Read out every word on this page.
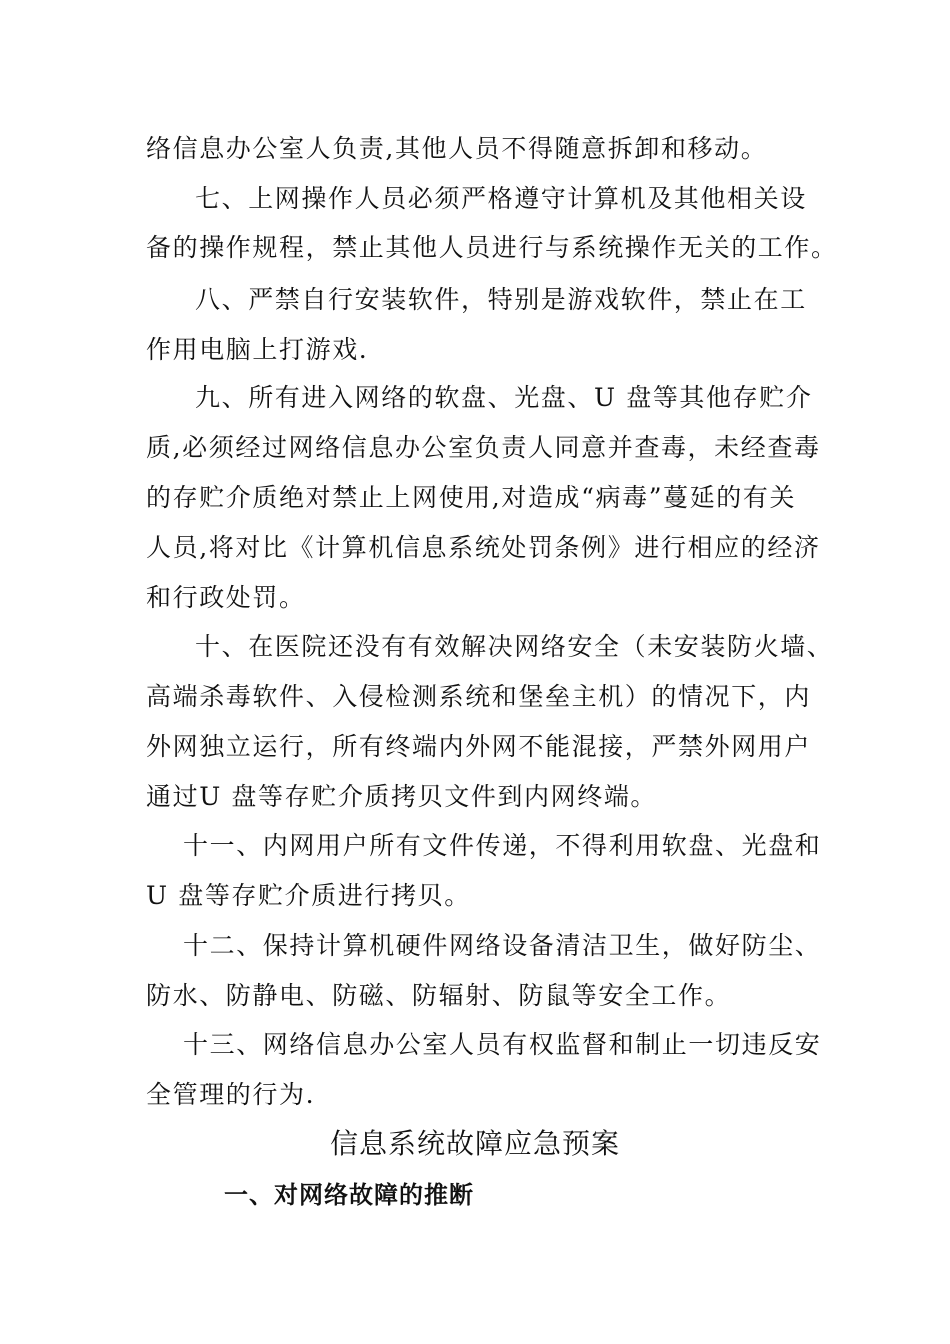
络信息办公室人负责,其他人员不得随意拆卸和移动。
七、上网操作人员必须严格遵守计算机及其他相关设
备的操作规程，禁止其他人员进行与系统操作无关的工作。
八、严禁自行安装软件，特别是游戏软件，禁止在工
作用电脑上打游戏.
九、所有进入网络的软盘、光盘、U 盘等其他存贮介
质,必须经过网络信息办公室负责人同意并查毒，未经查毒
的存贮介质绝对禁止上网使用,对造成“病毒”蔓延的有关
人员,将对比《计算机信息系统处罚条例》进行相应的经济
和行政处罚。
十、在医院还没有有效解决网络安全（未安装防火墙、
高端杀毒软件、入侵检测系统和堡垒主机）的情况下，内
外网独立运行，所有终端内外网不能混接，严禁外网用户
通过U 盘等存贮介质拷贝文件到内网终端。
十一、内网用户所有文件传递，不得利用软盘、光盘和
U 盘等存贮介质进行拷贝。
十二、保持计算机硬件网络设备清洁卫生，做好防尘、
防水、防静电、防磁、防辐射、防鼠等安全工作。
十三、网络信息办公室人员有权监督和制止一切违反安
全管理的行为.
信息系统故障应急预案
一、对网络故障的推断
